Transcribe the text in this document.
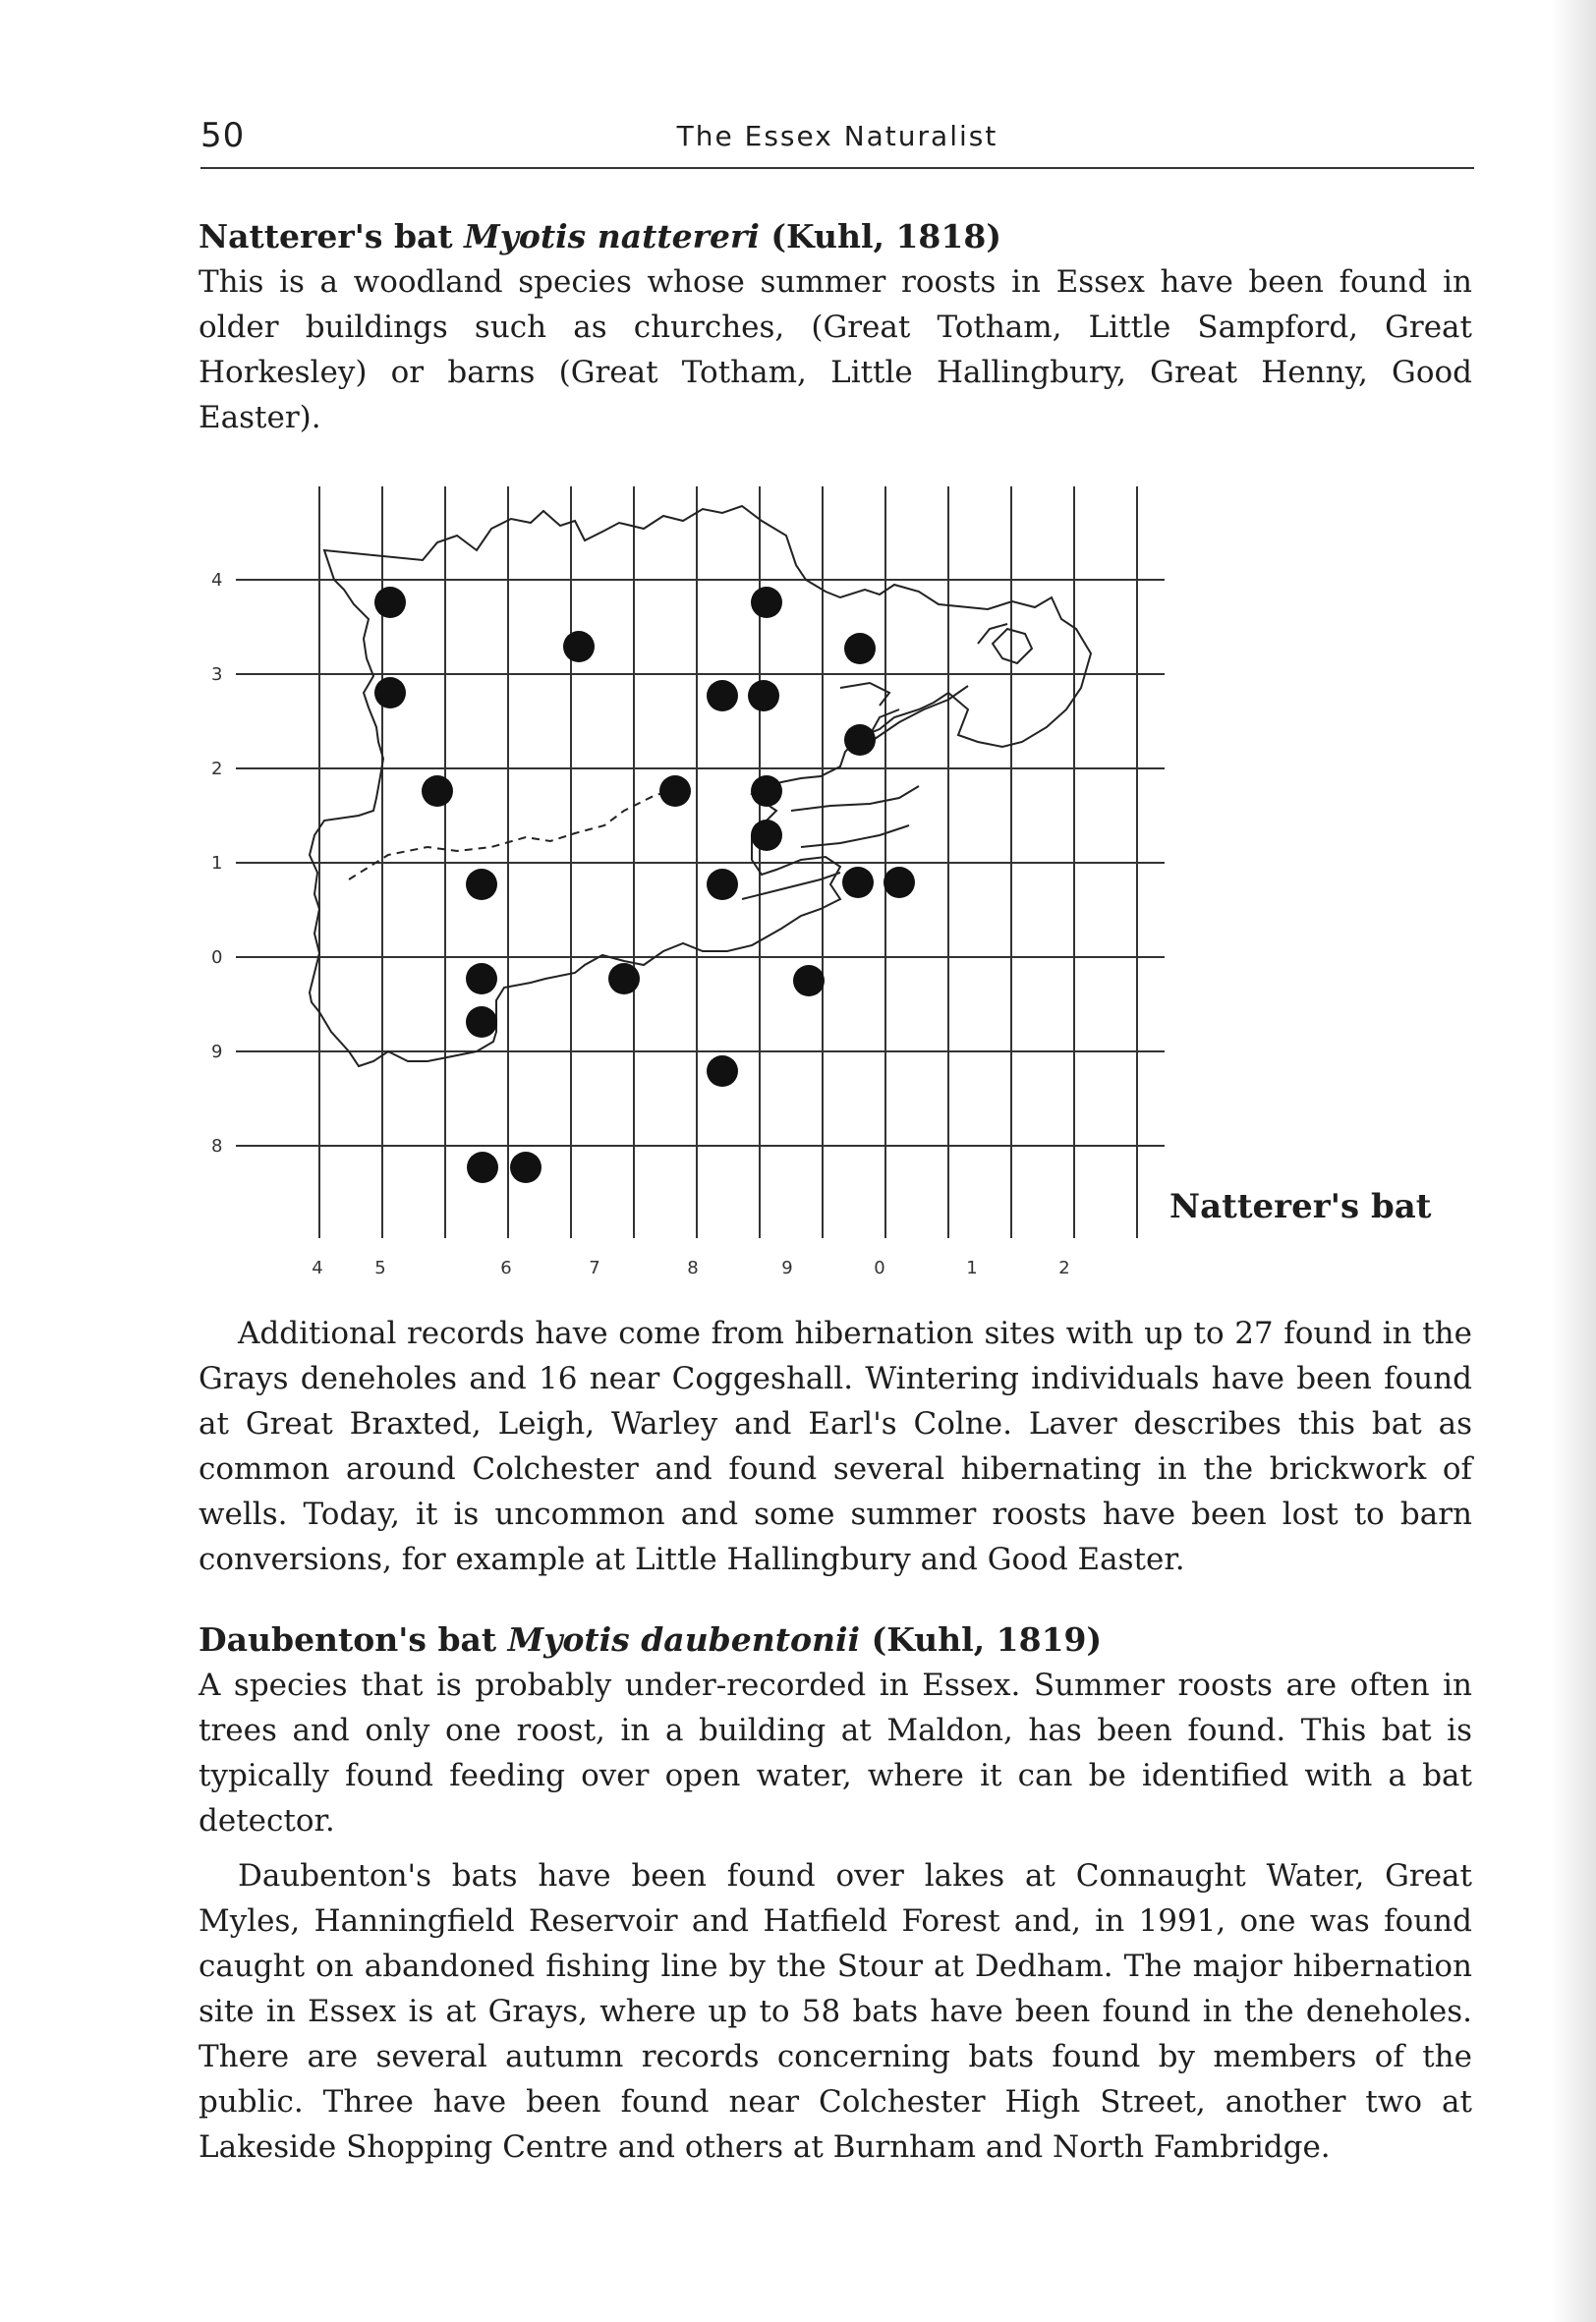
50	The Essex Naturalist
Natterer's bat Myotis nattereri (Kuhl, 1818)

This is a woodland species whose summer roosts in Essex have been found in older buildings such as churches, (Great Totham, Little Sampford, Great Horkesley) or barns (Great Totham, Little Hallingbury, Great Henny, Good Easter).

4	5	6	7	8	9	0	1	2
4
3
2
1
0
9
8
Natterer's bat

Additional records have come from hibernation sites with up to 27 found in the Grays deneholes and 16 near Coggeshall. Wintering individuals have been found at Great Braxted, Leigh, Warley and Earl's Colne. Laver describes this bat as common around Colchester and found several hibernating in the brickwork of wells. Today, it is uncommon and some summer roosts have been lost to barn conversions, for example at Little Hallingbury and Good Easter.

Daubenton's bat Myotis daubentonii (Kuhl, 1819)

A species that is probably under-recorded in Essex. Summer roosts are often in trees and only one roost, in a building at Maldon, has been found. This bat is typically found feeding over open water, where it can be identified with a bat detector.

Daubenton's bats have been found over lakes at Connaught Water, Great Myles, Hanningfield Reservoir and Hatfield Forest and, in 1991, one was found caught on abandoned fishing line by the Stour at Dedham. The major hibernation site in Essex is at Grays, where up to 58 bats have been found in the deneholes. There are several autumn records concerning bats found by members of the public. Three have been found near Colchester High Street, another two at Lakeside Shopping Centre and others at Burnham and North Fambridge.
